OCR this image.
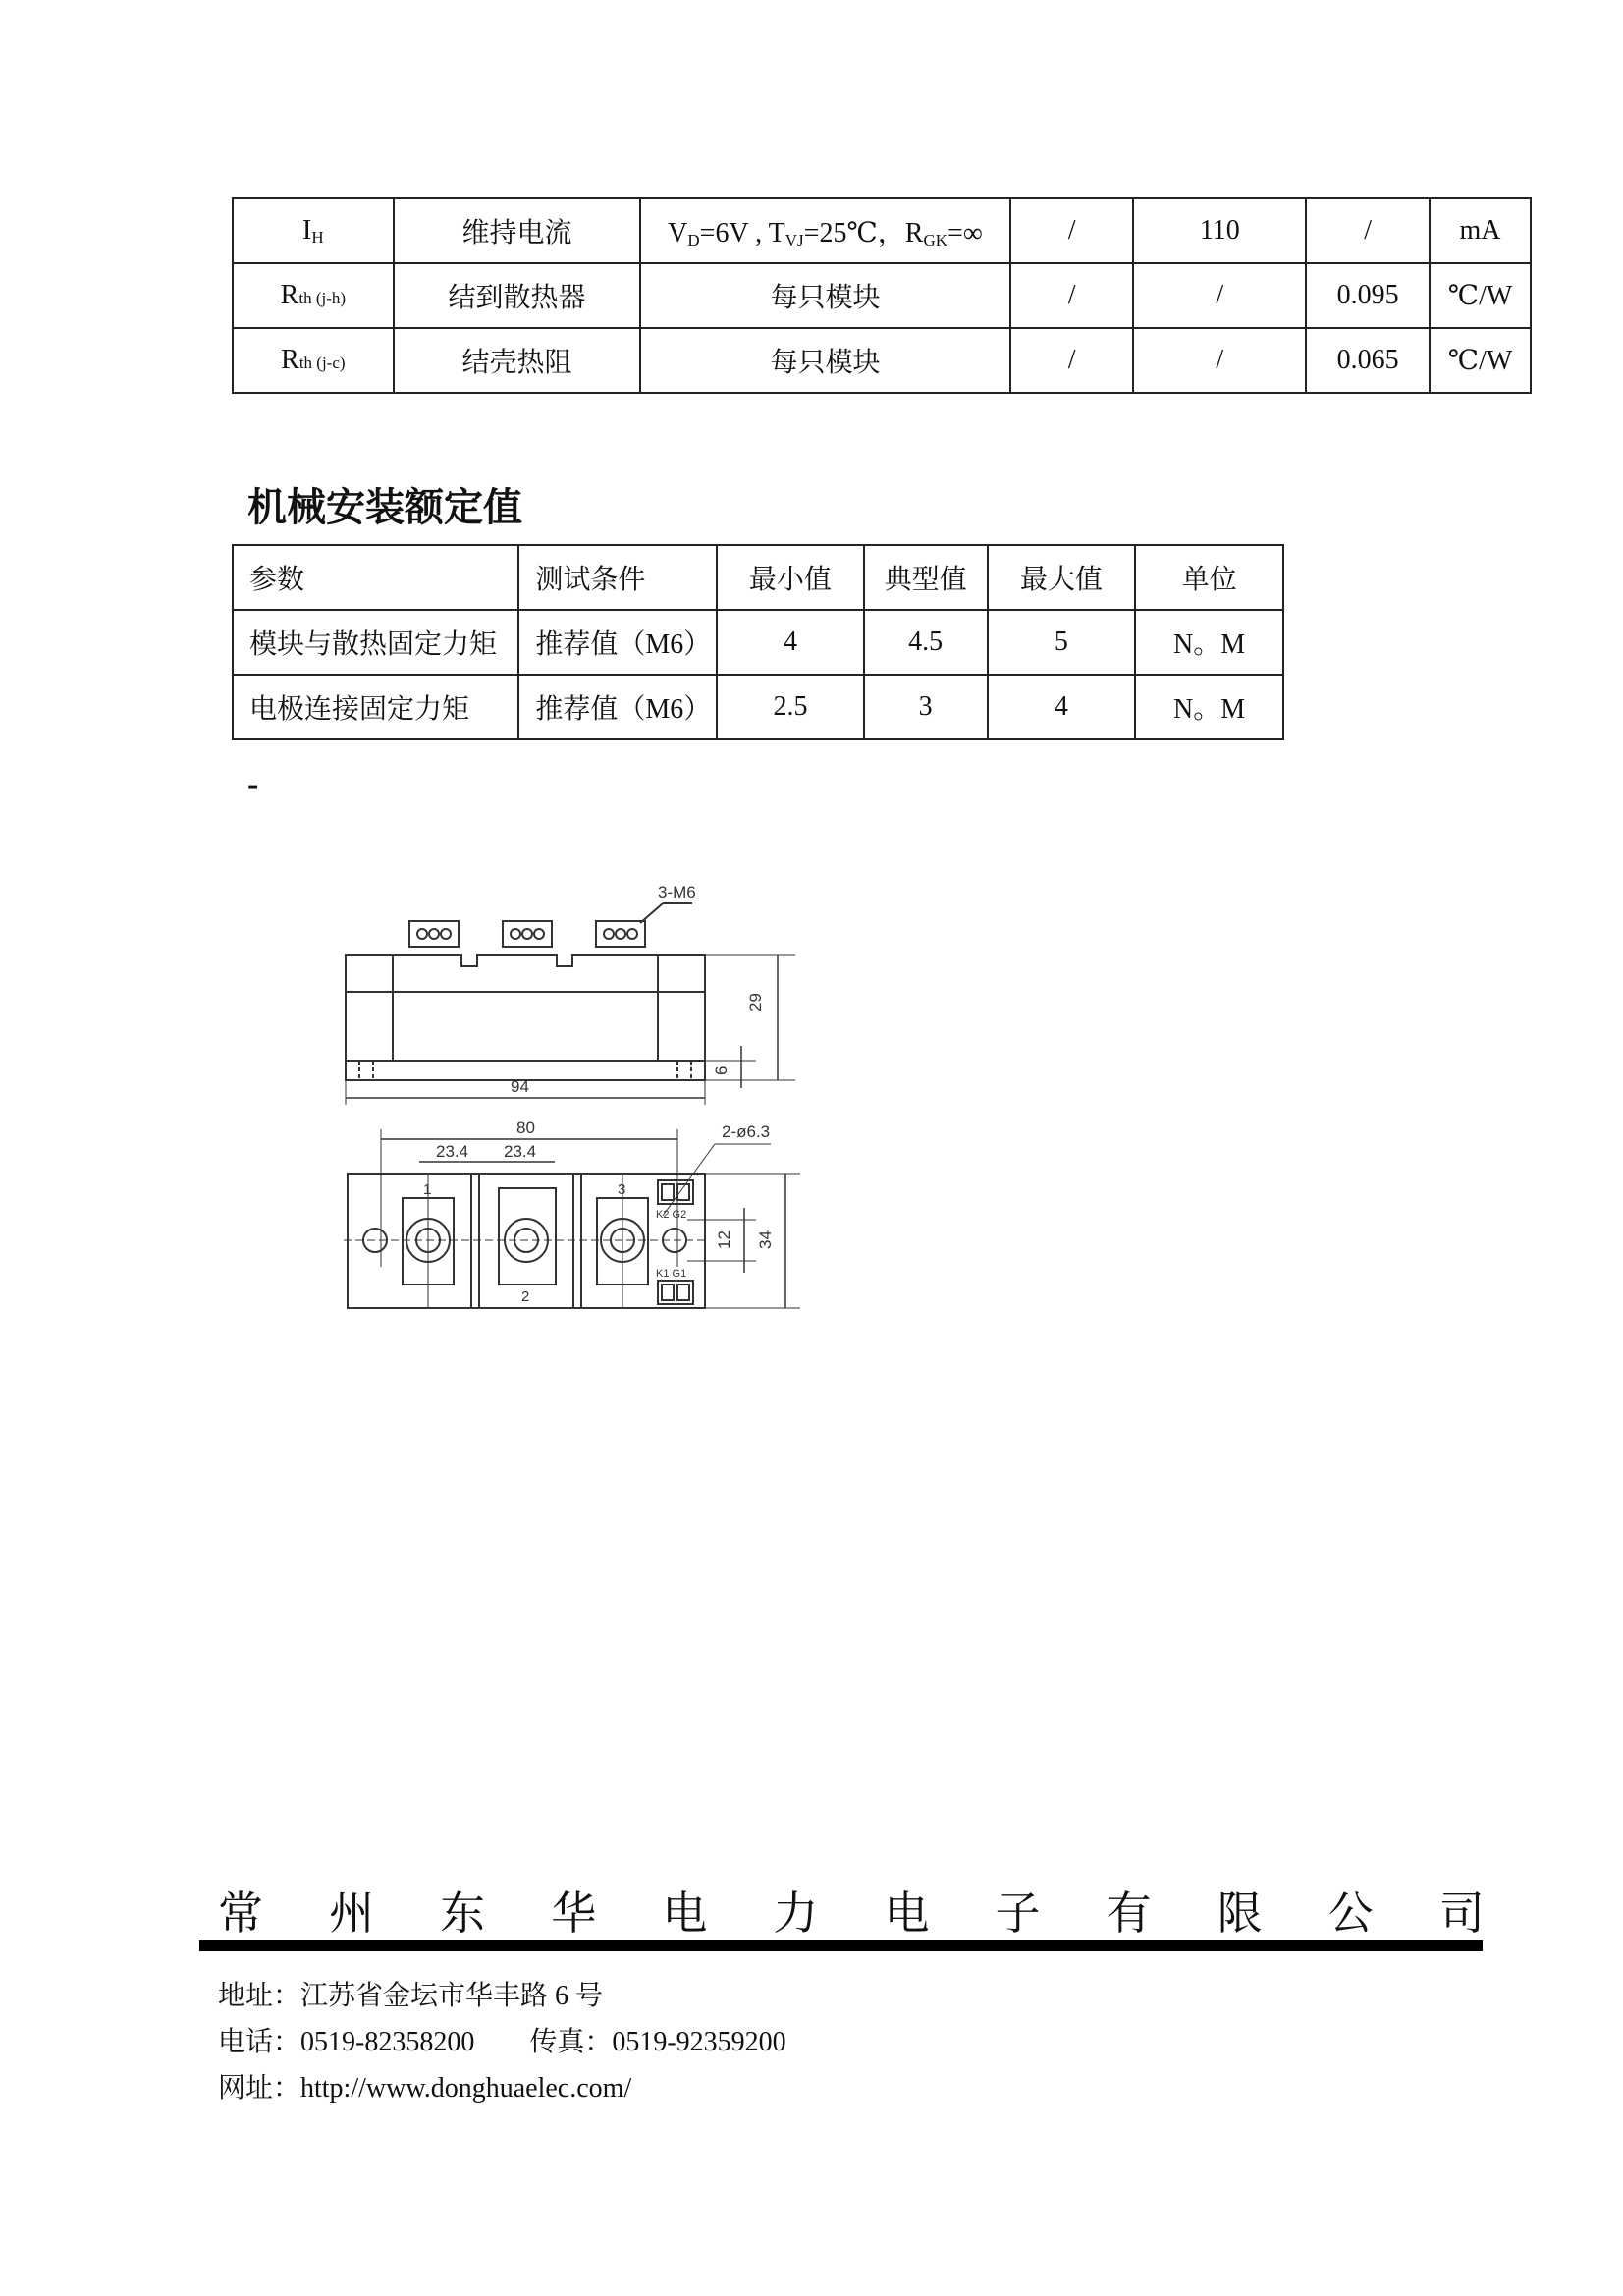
$I_H$	维持电流	$V_D=6V$ , $T_{VJ}=25℃$，$R_{GK}=\infty$	/	110	/	mA
Rth (j-h)	结到散热器	每只模块	/	/	0.095	℃/W
Rth (j-c)	结壳热阻	每只模块	/	/	0.065	℃/W
机械安装额定值
参数	测试条件	最小值	典型值	最大值	单位
模块与散热固定力矩	推荐值（M6）	4	4.5	5	N。M
电极连接固定力矩	推荐值（M6）	2.5	3	4	N。M
-
3-M6
29
6
94
80
23.4 23.4
2-ø6.3
1
2
3
K2 G2
K1 G1
34
12
常 州 东 华 电 力 电 子 有 限 公 司
地址：江苏省金坛市华丰路 6 号
电话：0519-82358200        传真：0519-92359200
网址：http://www.donghuaelec.com/
